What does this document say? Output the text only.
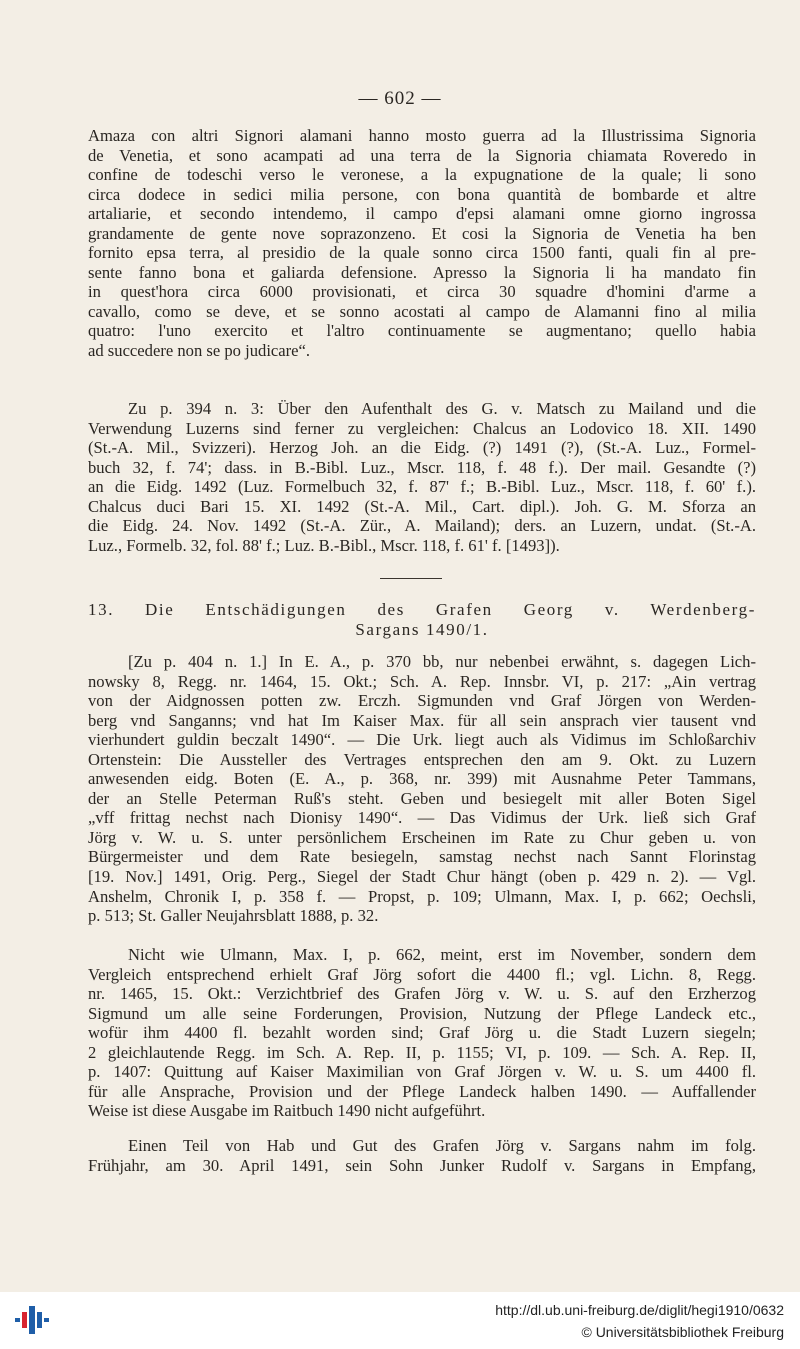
— 602 —
Amaza con altri Signori alamani hanno mosto guerra ad la Illustrissima Signoria
de Venetia, et sono acampati ad una terra de la Signoria chiamata Roveredo in
confine de todeschi verso le veronese, a la expugnatione de la quale; li sono
circa dodece in sedici milia persone, con bona quantità de bombarde et altre
artaliarie, et secondo intendemo, il campo d'epsi alamani omne giorno ingrossa
grandamente de gente nove soprazonzeno. Et cosi la Signoria de Venetia ha ben
fornito epsa terra, al presidio de la quale sonno circa 1500 fanti, quali fin al pre-
sente fanno bona et galiarda defensione. Apresso la Signoria li ha mandato fin
in quest'hora circa 6000 provisionati, et circa 30 squadre d'homini d'arme a
cavallo, como se deve, et se sonno acostati al campo de Alamanni fino al milia
quatro: l'uno exercito et l'altro continuamente se augmentano; quello habia
ad succedere non se po judicare“.
Zu p. 394 n. 3: Über den Aufenthalt des G. v. Matsch zu Mailand und die
Verwendung Luzerns sind ferner zu vergleichen: Chalcus an Lodovico 18. XII. 1490
(St.-A. Mil., Svizzeri). Herzog Joh. an die Eidg. (?) 1491 (?), (St.-A. Luz., Formel-
buch 32, f. 74'; dass. in B.-Bibl. Luz., Mscr. 118, f. 48 f.). Der mail. Gesandte (?)
an die Eidg. 1492 (Luz. Formelbuch 32, f. 87' f.; B.-Bibl. Luz., Mscr. 118, f. 60' f.).
Chalcus duci Bari 15. XI. 1492 (St.-A. Mil., Cart. dipl.). Joh. G. M. Sforza an
die Eidg. 24. Nov. 1492 (St.-A. Zür., A. Mailand); ders. an Luzern, undat. (St.-A.
Luz., Formelb. 32, fol. 88' f.; Luz. B.-Bibl., Mscr. 118, f. 61' f. [1493]).
13. Die Entschädigungen des Grafen Georg v. Werdenberg-
Sargans 1490/1.
[Zu p. 404 n. 1.] In E. A., p. 370 bb, nur nebenbei erwähnt, s. dagegen Lich-
nowsky 8, Regg. nr. 1464, 15. Okt.; Sch. A. Rep. Innsbr. VI, p. 217: „Ain vertrag
von der Aidgnossen potten zw. Erczh. Sigmunden vnd Graf Jörgen von Werden-
berg vnd Sanganns; vnd hat Im Kaiser Max. für all sein ansprach vier tausent vnd
vierhundert guldin beczalt 1490“. — Die Urk. liegt auch als Vidimus im Schloßarchiv
Ortenstein: Die Aussteller des Vertrages entsprechen den am 9. Okt. zu Luzern
anwesenden eidg. Boten (E. A., p. 368, nr. 399) mit Ausnahme Peter Tammans,
der an Stelle Peterman Ruß's steht. Geben und besiegelt mit aller Boten Sigel
„vff frittag nechst nach Dionisy 1490“. — Das Vidimus der Urk. ließ sich Graf
Jörg v. W. u. S. unter persönlichem Erscheinen im Rate zu Chur geben u. von
Bürgermeister und dem Rate besiegeln, samstag nechst nach Sannt Florinstag
[19. Nov.] 1491, Orig. Perg., Siegel der Stadt Chur hängt (oben p. 429 n. 2). — Vgl.
Anshelm, Chronik I, p. 358 f. — Propst, p. 109; Ulmann, Max. I, p. 662; Oechsli,
p. 513; St. Galler Neujahrsblatt 1888, p. 32.
Nicht wie Ulmann, Max. I, p. 662, meint, erst im November, sondern dem
Vergleich entsprechend erhielt Graf Jörg sofort die 4400 fl.; vgl. Lichn. 8, Regg.
nr. 1465, 15. Okt.: Verzichtbrief des Grafen Jörg v. W. u. S. auf den Erzherzog
Sigmund um alle seine Forderungen, Provision, Nutzung der Pflege Landeck etc.,
wofür ihm 4400 fl. bezahlt worden sind; Graf Jörg u. die Stadt Luzern siegeln;
2 gleichlautende Regg. im Sch. A. Rep. II, p. 1155; VI, p. 109. — Sch. A. Rep. II,
p. 1407: Quittung auf Kaiser Maximilian von Graf Jörgen v. W. u. S. um 4400 fl.
für alle Ansprache, Provision und der Pflege Landeck halben 1490. — Auffallender
Weise ist diese Ausgabe im Raitbuch 1490 nicht aufgeführt.
Einen Teil von Hab und Gut des Grafen Jörg v. Sargans nahm im folg.
Frühjahr, am 30. April 1491, sein Sohn Junker Rudolf v. Sargans in Empfang,
http://dl.ub.uni-freiburg.de/diglit/hegi1910/0632
© Universitätsbibliothek Freiburg
